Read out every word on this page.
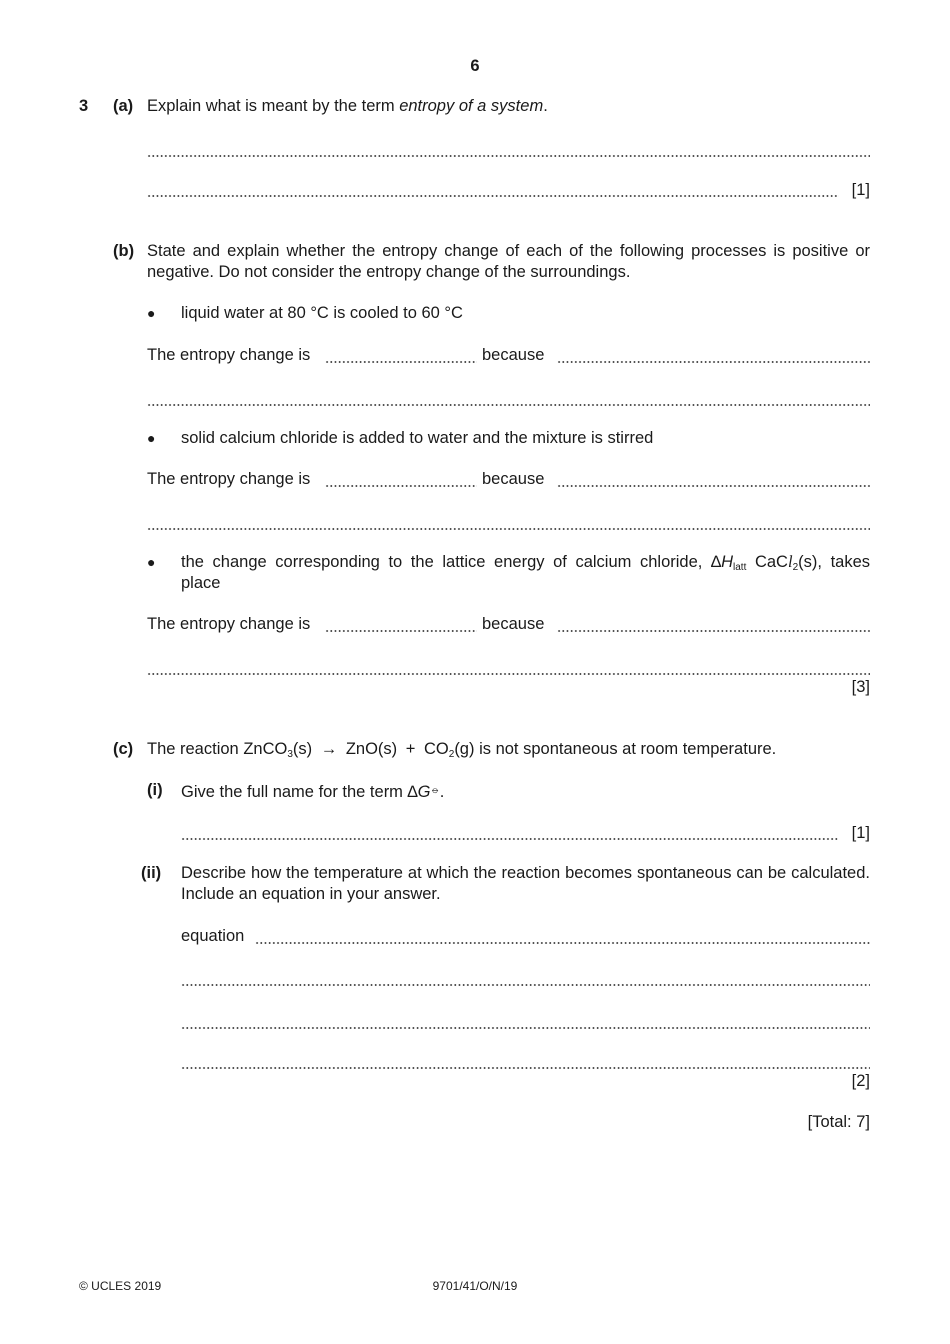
6
3 (a) Explain what is meant by the term entropy of a system.
[1]
(b) State and explain whether the entropy change of each of the following processes is positive or negative. Do not consider the entropy change of the surroundings.
● liquid water at 80 °C is cooled to 60 °C
The entropy change is	because
● solid calcium chloride is added to water and the mixture is stirred
The entropy change is	because
● the change corresponding to the lattice energy of calcium chloride, $\Delta H_{latt}$ CaCl$_2$(s), takes
place
The entropy change is	because
[3]
(c) The reaction ZnCO$_3$(s) → $ZnO(s) + CO_2(g)$ is not spontaneous at room temperature.
(i) Give the full name for the term ∆G⦵.
[1]
(ii) Describe how the temperature at which the reaction becomes spontaneous can be calculated. Include an equation in your answer.
equation
[2]
[Total: 7]
© UCLES 2019	9701/41/O/N/19
